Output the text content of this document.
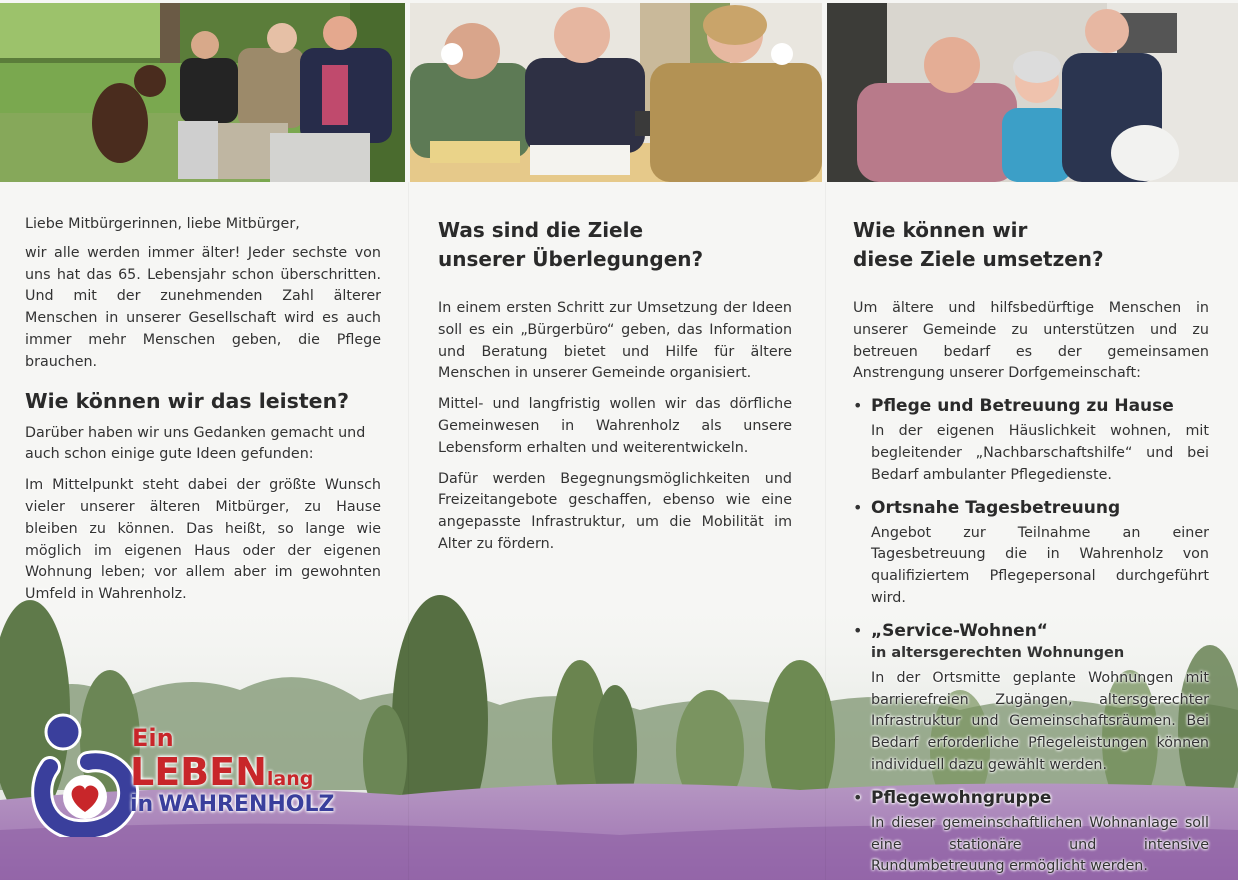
Liebe Mitbürgerinnen, liebe Mitbürger,

wir alle werden immer älter! Jeder sechste von uns hat das 65. Lebensjahr schon überschritten. Und mit der zunehmenden Zahl älterer Menschen in unserer Gesellschaft wird es auch immer mehr Menschen geben, die Pflege brauchen.

Wie können wir das leisten?

Darüber haben wir uns Gedanken gemacht und auch schon einige gute Ideen gefunden:

Im Mittelpunkt steht dabei der größte Wunsch vieler unserer älteren Mitbürger, zu Hause bleiben zu können. Das heißt, so lange wie möglich im eigenen Haus oder der eigenen Wohnung leben; vor allem aber im gewohnten Umfeld in Wahrenholz.

Was sind die Ziele
unserer Überlegungen?

In einem ersten Schritt zur Umsetzung der Ideen soll es ein „Bürgerbüro“ geben, das Information und Beratung bietet und Hilfe für ältere Menschen in unserer Gemeinde organisiert.

Mittel- und langfristig wollen wir das dörfliche Gemeinwesen in Wahrenholz als unsere Lebensform erhalten und weiterentwickeln.

Dafür werden Begegnungsmöglichkeiten und Freizeitangebote geschaffen, ebenso wie eine angepasste Infrastruktur, um die Mobilität im Alter zu fördern.

Wie können wir
diese Ziele umsetzen?

Um ältere und hilfsbedürftige Menschen in unserer Gemeinde zu unterstützen und zu betreuen bedarf es der gemeinsamen Anstrengung unserer Dorfgemeinschaft:

• Pflege und Betreuung zu Hause

In der eigenen Häuslichkeit wohnen, mit begleitender „Nachbarschaftshilfe“ und bei Bedarf ambulanter Pflegedienste.

• Ortsnahe Tagesbetreuung

Angebot zur Teilnahme an einer Tagesbetreuung die in Wahrenholz von qualifiziertem Pflegepersonal durchgeführt wird.

• „Service-Wohnen“
in altersgerechten Wohnungen

In der Ortsmitte geplante Wohnungen mit barrierefreien Zugängen, altersgerechter Infrastruktur und Gemeinschaftsräumen. Bei Bedarf erforderliche Pflegeleistungen können individuell dazu gewählt werden.

• Pflegewohngruppe

In dieser gemeinschaftlichen Wohnanlage soll eine stationäre und intensive Rundumbetreuung ermöglicht werden.

Ein
LEBENlang
in WAHRENHOLZ
